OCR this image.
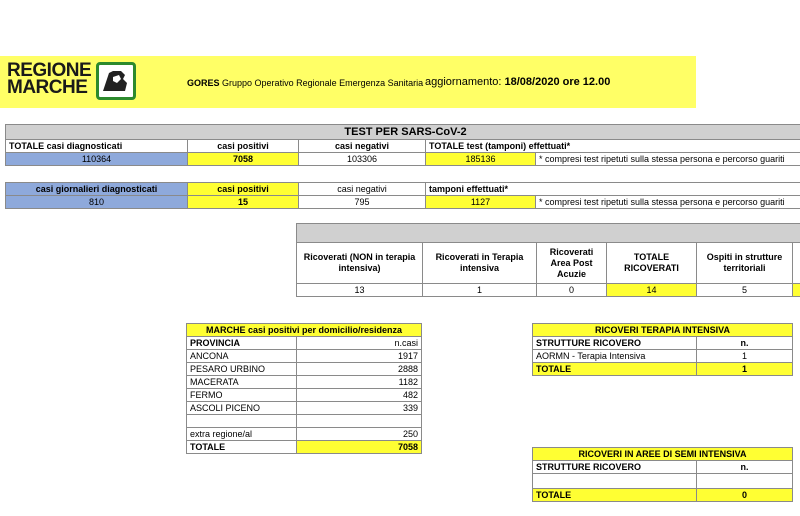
REGIONE
MARCHE	GORES Gruppo Operativo Regionale Emergenza Sanitaria aggiornamento: 18/08/2020 ore 12.00
TEST PER SARS-CoV-2				
TOTALE casi diagnosticati	casi positivi	casi negativi	TOTALE test (tamponi) effettuati*	
110364	7058	103306	185136	* compresi test ripetuti sulla stessa persona e percorso guariti
casi giornalieri diagnosticati	casi positivi	casi negativi	tamponi effettuati*	
810	15	795	1127	* compresi test ripetuti sulla stessa persona e percorso guariti

Ricoverati (NON in terapia intensiva)	Ricoverati in Terapia intensiva	Ricoverati Area Post Acuzie	TOTALE RICOVERATI	Ospiti in strutture territoriali	
13	1	0	14	5	
MARCHE casi positivi per domicilio/residenza	
PROVINCIA	n.casi
ANCONA	1917
PESARO URBINO	2888
MACERATA	1182
FERMO	482
ASCOLI PICENO	339

extra regione/al	250
TOTALE	7058
RICOVERI TERAPIA INTENSIVA	
STRUTTURE RICOVERO	n.
AORMN - Terapia Intensiva	1
TOTALE	1
RICOVERI IN AREE DI SEMI INTENSIVA	
STRUTTURE RICOVERO	n.

TOTALE	0
